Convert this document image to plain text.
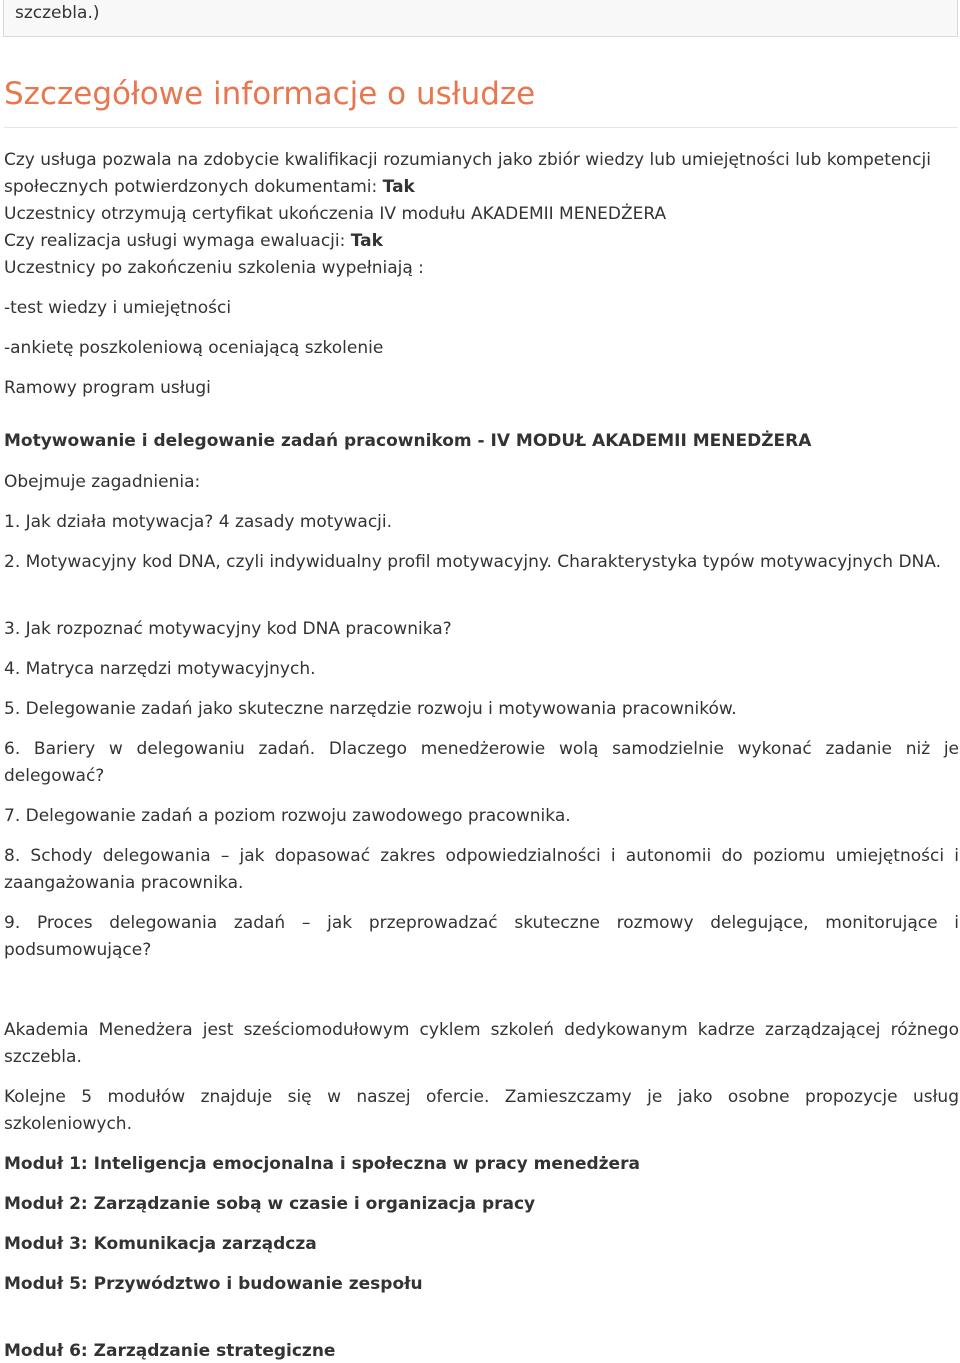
szczebla.)
Szczegółowe informacje o usłudze

Czy usługa pozwala na zdobycie kwalifikacji rozumianych jako zbiór wiedzy lub umiejętności lub kompetencji społecznych potwierdzonych dokumentami: Tak
Uczestnicy otrzymują certyfikat ukończenia IV modułu AKADEMII MENEDŻERA
Czy realizacja usługi wymaga ewaluacji: Tak
Uczestnicy po zakończeniu szkolenia wypełniają :

-test wiedzy i umiejętności

-ankietę poszkoleniową oceniającą szkolenie

Ramowy program usługi

Motywowanie i delegowanie zadań pracownikom - IV MODUŁ AKADEMII MENEDŻERA

Obejmuje zagadnienia:

1. Jak działa motywacja? 4 zasady motywacji.

2. Motywacyjny kod DNA, czyli indywidualny profil motywacyjny. Charakterystyka typów motywacyjnych DNA.

3. Jak rozpoznać motywacyjny kod DNA pracownika?

4. Matryca narzędzi motywacyjnych.

5. Delegowanie zadań jako skuteczne narzędzie rozwoju i motywowania pracowników.

6. Bariery w delegowaniu zadań. Dlaczego menedżerowie wolą samodzielnie wykonać zadanie niż je delegować?

7. Delegowanie zadań a poziom rozwoju zawodowego pracownika.

8. Schody delegowania – jak dopasować zakres odpowiedzialności i autonomii do poziomu umiejętności i zaangażowania pracownika.

9. Proces delegowania zadań – jak przeprowadzać skuteczne rozmowy delegujące, monitorujące i podsumowujące?

Akademia Menedżera jest sześciomodułowym cyklem szkoleń dedykowanym kadrze zarządzającej różnego szczebla.

Kolejne 5 modułów znajduje się w naszej ofercie. Zamieszczamy je jako osobne propozycje usług szkoleniowych.

Moduł 1: Inteligencja emocjonalna i społeczna w pracy menedżera

Moduł 2: Zarządzanie sobą w czasie i organizacja pracy

Moduł 3: Komunikacja zarządcza

Moduł 5: Przywództwo i budowanie zespołu

Moduł 6: Zarządzanie strategiczne
